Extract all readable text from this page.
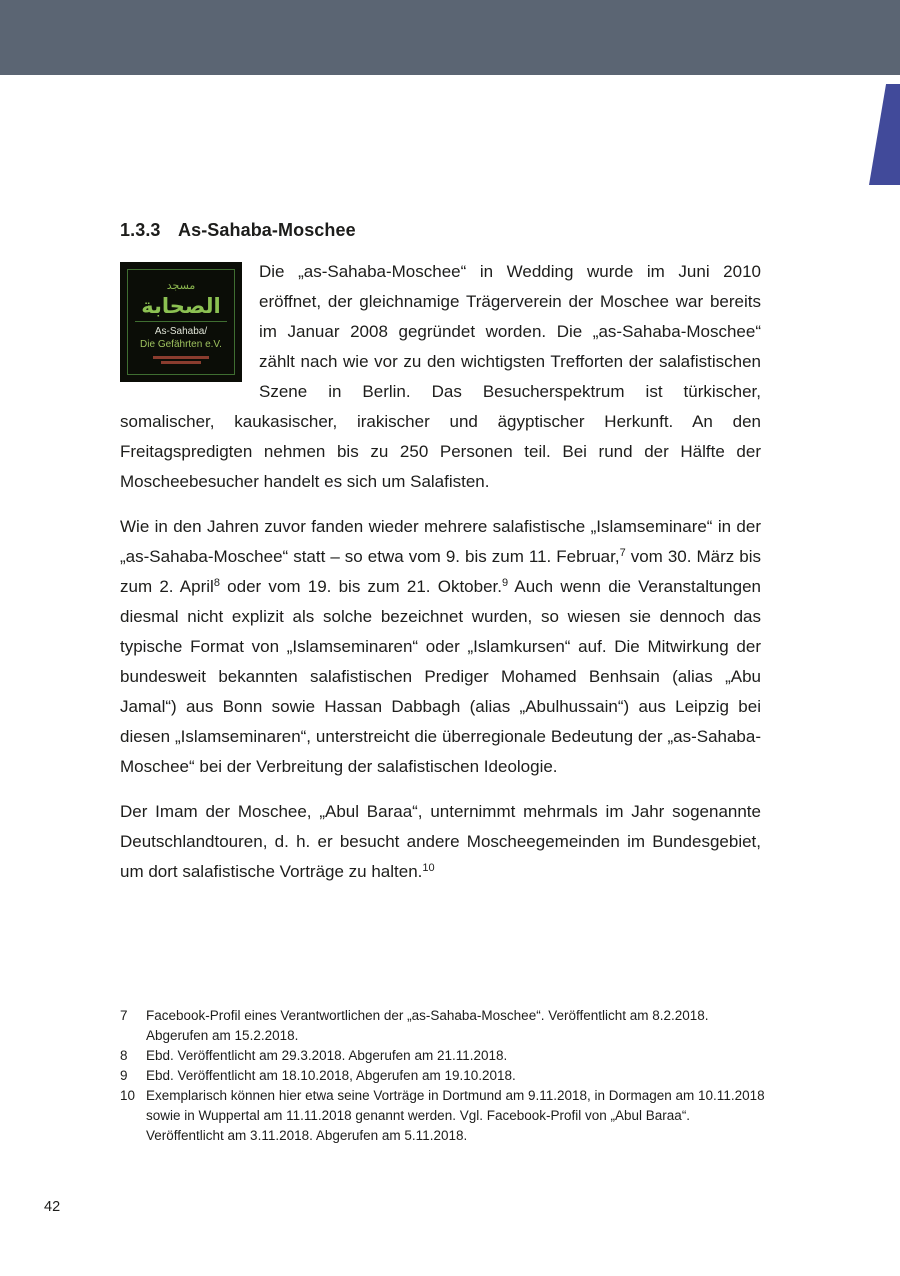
1.3.3 As-Sahaba-Moschee
مسجد
الصحابة
As-Sahaba/
Die Gefährten e.V.

Die „as-Sahaba-Moschee“ in Wedding wurde im Juni 2010 eröffnet, der gleichnamige Trägerverein der Moschee war bereits im Januar 2008 gegründet worden. Die „as-Sahaba-Moschee“ zählt nach wie vor zu den wichtigsten Trefforten der salafistischen Szene in Berlin. Das Besucherspektrum ist türkischer, somalischer, kaukasischer, irakischer und ägyptischer Herkunft. An den Freitagspredigten nehmen bis zu 250 Personen teil. Bei rund der Hälfte der Moscheebesucher handelt es sich um Salafisten.

Wie in den Jahren zuvor fanden wieder mehrere salafistische „Islamseminare“ in der „as-Sahaba-Moschee“ statt – so etwa vom 9. bis zum 11. Februar,$^7$ vom 30. März bis zum 2. April$^8$ oder vom 19. bis zum 21. Oktober.$^9$ Auch wenn die Veranstaltungen diesmal nicht explizit als solche bezeichnet wurden, so wiesen sie dennoch das typische Format von „Islamseminaren“ oder „Islamkursen“ auf. Die Mitwirkung der bundesweit bekannten salafistischen Prediger Mohamed Benhsain (alias „Abu Jamal“) aus Bonn sowie Hassan Dabbagh (alias „Abulhussain“) aus Leipzig bei diesen „Islamseminaren“, unterstreicht die überregionale Bedeutung der „as-Sahaba-Moschee“ bei der Verbreitung der salafistischen Ideologie.

Der Imam der Moschee, „Abul Baraa“, unternimmt mehrmals im Jahr sogenannte Deutschlandtouren, d. h. er besucht andere Moscheegemeinden im Bundesgebiet, um dort salafistische Vorträge zu halten.$^{10}$

7	Facebook-Profil eines Verantwortlichen der „as-Sahaba-Moschee“. Veröffentlicht am 8.2.2018. Abgerufen am 15.2.2018.
8	Ebd. Veröffentlicht am 29.3.2018. Abgerufen am 21.11.2018.
9	Ebd. Veröffentlicht am 18.10.2018, Abgerufen am 19.10.2018.
10 Exemplarisch können hier etwa seine Vorträge in Dortmund am 9.11.2018, in Dormagen am 10.11.2018 sowie in Wuppertal am 11.11.2018 genannt werden. Vgl. Facebook-Profil von „Abul Baraa“. Veröffentlicht am 3.11.2018. Abgerufen am 5.11.2018.
42
